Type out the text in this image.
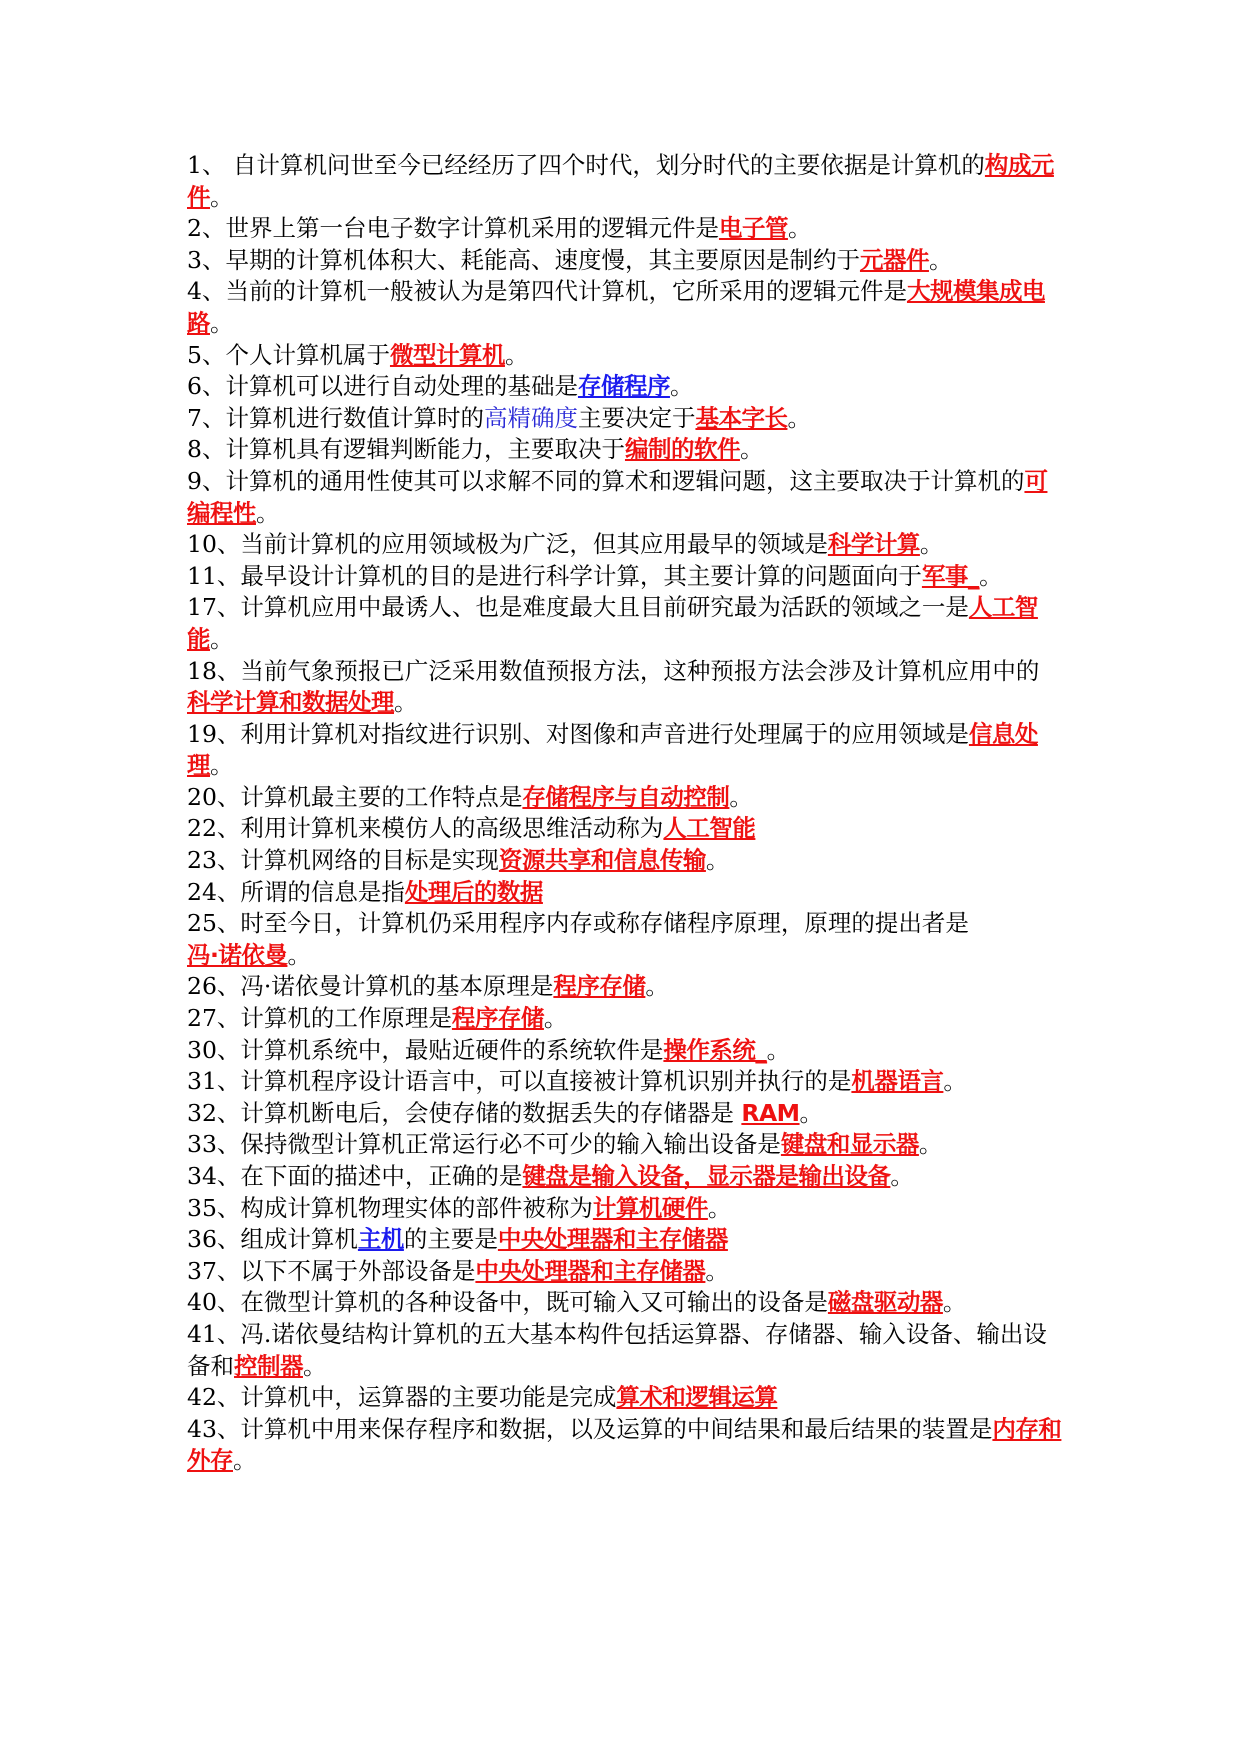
1、 自计算机问世至今已经经历了四个时代，划分时代的主要依据是计算机的构成元件。

2、世界上第一台电子数字计算机采用的逻辑元件是电子管。

3、早期的计算机体积大、耗能高、速度慢，其主要原因是制约于元器件。

4、当前的计算机一般被认为是第四代计算机，它所采用的逻辑元件是大规模集成电路。

5、个人计算机属于微型计算机。

6、计算机可以进行自动处理的基础是存储程序。

7、计算机进行数值计算时的高精确度主要决定于基本字长。

8、计算机具有逻辑判断能力，主要取决于编制的软件。

9、计算机的通用性使其可以求解不同的算术和逻辑问题，这主要取决于计算机的可编程性。

10、当前计算机的应用领域极为广泛，但其应用最早的领域是科学计算。

11、最早设计计算机的目的是进行科学计算，其主要计算的问题面向于军事_。

17、计算机应用中最诱人、也是难度最大且目前研究最为活跃的领域之一是人工智能。

18、当前气象预报已广泛采用数值预报方法，这种预报方法会涉及计算机应用中的科学计算和数据处理。

19、利用计算机对指纹进行识别、对图像和声音进行处理属于的应用领域是信息处理。

20、计算机最主要的工作特点是存储程序与自动控制。

22、利用计算机来模仿人的高级思维活动称为人工智能

23、计算机网络的目标是实现资源共享和信息传输。

24、所谓的信息是指处理后的数据

25、时至今日，计算机仍采用程序内存或称存储程序原理，原理的提出者是
冯·诺依曼。

26、冯·诺依曼计算机的基本原理是程序存储。

27、计算机的工作原理是程序存储。

30、计算机系统中，最贴近硬件的系统软件是操作系统_。

31、计算机程序设计语言中，可以直接被计算机识别并执行的是机器语言。

32、计算机断电后，会使存储的数据丢失的存储器是 RAM。

33、保持微型计算机正常运行必不可少的输入输出设备是键盘和显示器。

34、在下面的描述中，正确的是键盘是输入设备，显示器是输出设备。

35、构成计算机物理实体的部件被称为计算机硬件。

36、组成计算机主机的主要是中央处理器和主存储器

37、以下不属于外部设备是中央处理器和主存储器。

40、在微型计算机的各种设备中，既可输入又可输出的设备是磁盘驱动器。

41、冯.诺依曼结构计算机的五大基本构件包括运算器、存储器、输入设备、输出设备和控制器。

42、计算机中，运算器的主要功能是完成算术和逻辑运算

43、计算机中用来保存程序和数据，以及运算的中间结果和最后结果的装置是内存和外存。
